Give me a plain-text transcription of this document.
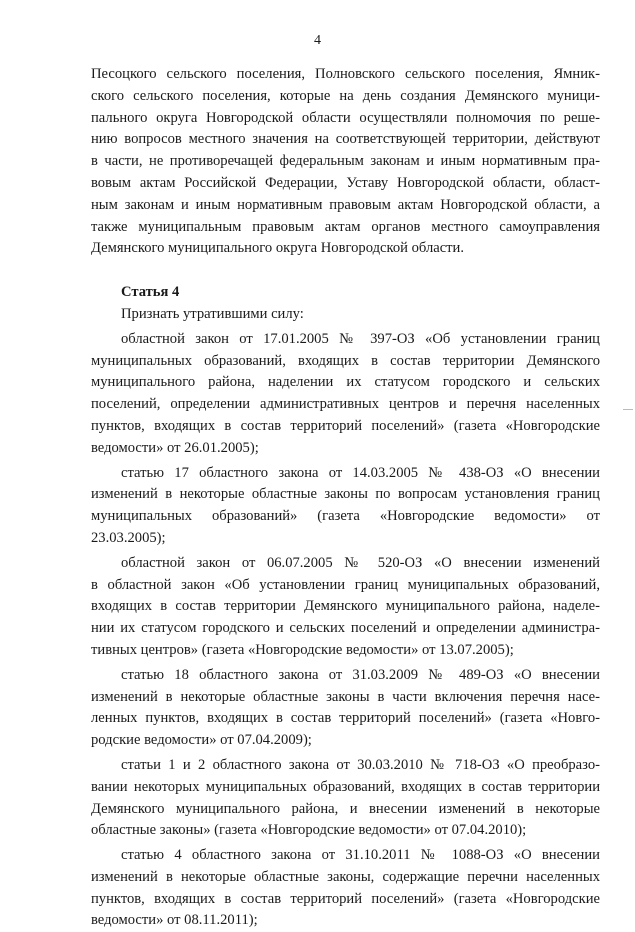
4

Песоцкого сельского поселения, Полновского сельского поселения, Ямник-
ского сельского поселения, которые на день создания Демянского муници-
пального округа Новгородской области осуществляли полномочия по реше-
нию вопросов местного значения на соответствующей территории, действуют
в части, не противоречащей федеральным законам и иным нормативным пра-
вовым актам Российской Федерации, Уставу Новгородской области, област-
ным законам и иным нормативным правовым актам Новгородской области, а
также муниципальным правовым актам органов местного самоуправления
Демянского муниципального округа Новгородской области.

Статья 4
Признать утратившими силу:

областной закон от 17.01.2005 № 397-ОЗ «Об установлении границ
муниципальных образований, входящих в состав территории Демянского
муниципального района, наделении их статусом городского и сельских
поселений, определении административных центров и перечня населенных
пунктов, входящих в состав территорий поселений» (газета «Новгородские
ведомости» от 26.01.2005);

статью 17 областного закона от 14.03.2005 № 438-ОЗ «О внесении
изменений в некоторые областные законы по вопросам установления границ
муниципальных образований» (газета «Новгородские ведомости» от
23.03.2005);

областной закон от 06.07.2005 № 520-ОЗ «О внесении изменений
в областной закон «Об установлении границ муниципальных образований,
входящих в состав территории Демянского муниципального района, наделе-
нии их статусом городского и сельских поселений и определении администра-
тивных центров» (газета «Новгородские ведомости» от 13.07.2005);

статью 18 областного закона от 31.03.2009 № 489-ОЗ «О внесении
изменений в некоторые областные законы в части включения перечня насе-
ленных пунктов, входящих в состав территорий поселений» (газета «Новго-
родские ведомости» от 07.04.2009);

статьи 1 и 2 областного закона от 30.03.2010 № 718-ОЗ «О преобразо-
вании некоторых муниципальных образований, входящих в состав территории
Демянского муниципального района, и внесении изменений в некоторые
областные законы» (газета «Новгородские ведомости» от 07.04.2010);

статью 4 областного закона от 31.10.2011 № 1088-ОЗ «О внесении
изменений в некоторые областные законы, содержащие перечни населенных
пунктов, входящих в состав территорий поселений» (газета «Новгородские
ведомости» от 08.11.2011);
